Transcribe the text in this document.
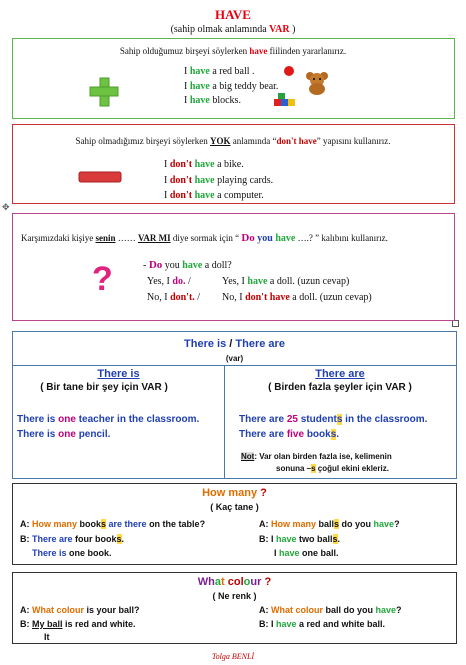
HAVE
(sahip olmak anlamında VAR )
Sahip olduğumuz birşeyi söylerken have fiilinden yararlanırız.
I have a red ball .
I have a big teddy bear.
I have blocks.
Sahip olmadığımız birşeyi söylerken YOK anlamında “don't have” yapısını kullanırız.
I don't have a bike.
I don't have playing cards.
I don't have a computer.
✥
Karşımızdaki kişiye senin …… VAR MI diye sormak için “ Do you have ….? ” kalıbını kullanırız.
?	- Do you have a doll?
Yes, I do. /	Yes, I have a doll. (uzun cevap)
No, I don't. / No, I don't have a doll. (uzun cevap)
There is / There are
(var)
There is
( Bir tane bir şey için VAR )
There is one teacher in the classroom.
There is one pencil.
There are
( Birden fazla şeyler için VAR )
There are 25 students in the classroom.
There are five books.
Not: Var olan birden fazla ise, kelimenin
sonuna –s çoğul ekini ekleriz.
How many ?
( Kaç tane )
A: How many books are there on the table?
B: There are four books.
There is one book.
A: How many balls do you have?
B: I have two balls.
I have one ball.
What colour ?
( Ne renk )
A: What colour is your ball?
B: My ball is red and white.
It
A: What colour ball do you have?
B: I have a red and white ball.
Tolga BENLİ
